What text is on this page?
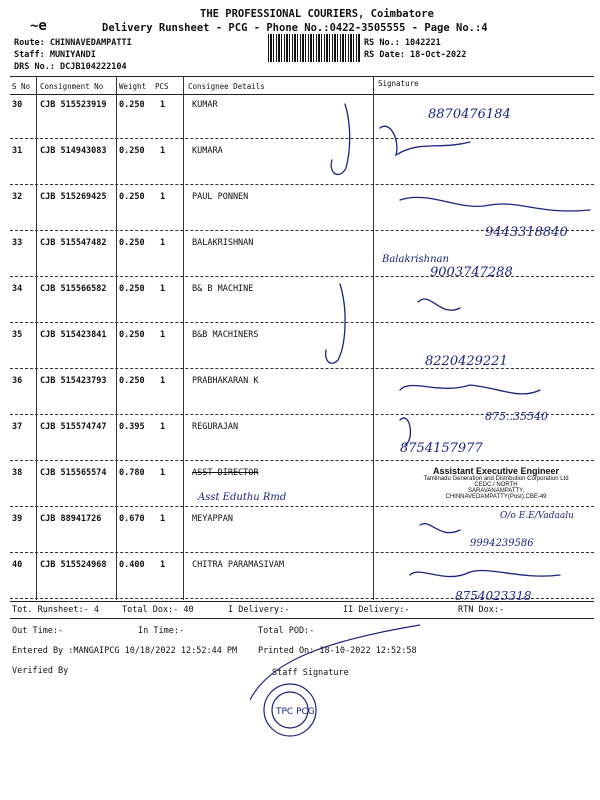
~e
THE PROFESSIONAL COURIERS, Coimbatore
Delivery Runsheet - PCG - Phone No.:0422-3505555 - Page No.:4
Route: CHINNAVEDAMPATTI
Staff: MUNIYANDI
DRS No.: DCJB104222104
RS No.: 1042221
RS Date: 18-Oct-2022
S No Consignment No Weight PCS	Consignee Details	Signature
30 CJB 515523919 0.250 1	KUMAR
31 CJB 514943083 0.250 1	KUMARA
32 CJB 515269425 0.250 1	PAUL PONNEN
33 CJB 515547482 0.250 1	BALAKRISHNAN
34 CJB 515566582 0.250 1	B& B MACHINE
35 CJB 515423841 0.250 1	B&B MACHINERS
36 CJB 515423793 0.250 1	PRABHAKARAN K
37 CJB 515574747 0.395 1	REGURAJAN
38 CJB 515565574 0.780 1	ASST DIRECTOR
39 CJB 88941726 0.670 1	MEYAPPAN
40 CJB 515524968 0.400 1	CHITRA PARAMASIVAM
8870476184
9443318840
Balakrishnan
9003747288
8220429221
875..35540
8754157977
Asst Eduthu Rmd
O/o E.E/Vadaalu
9994239586
8754023318
TPC PCG
Assistant Executive Engineer
Tamilnadu Generation and Distribution Corporation Ltd
CEDC / NORTH
SARAVANAMPATTY,
CHINNAVEDAMPATTY(Post),CBE-49
Tot. Runsheet:- 4	Total Dox:- 40	I Delivery:-	II Delivery:-	RTN Dox:-
Out Time:-	In Time:-	Total POD:-
Entered By :MANGAIPCG 10/18/2022 12:52:44 PM Printed On: 18-10-2022 12:52:58
Verified By	Staff Signature
